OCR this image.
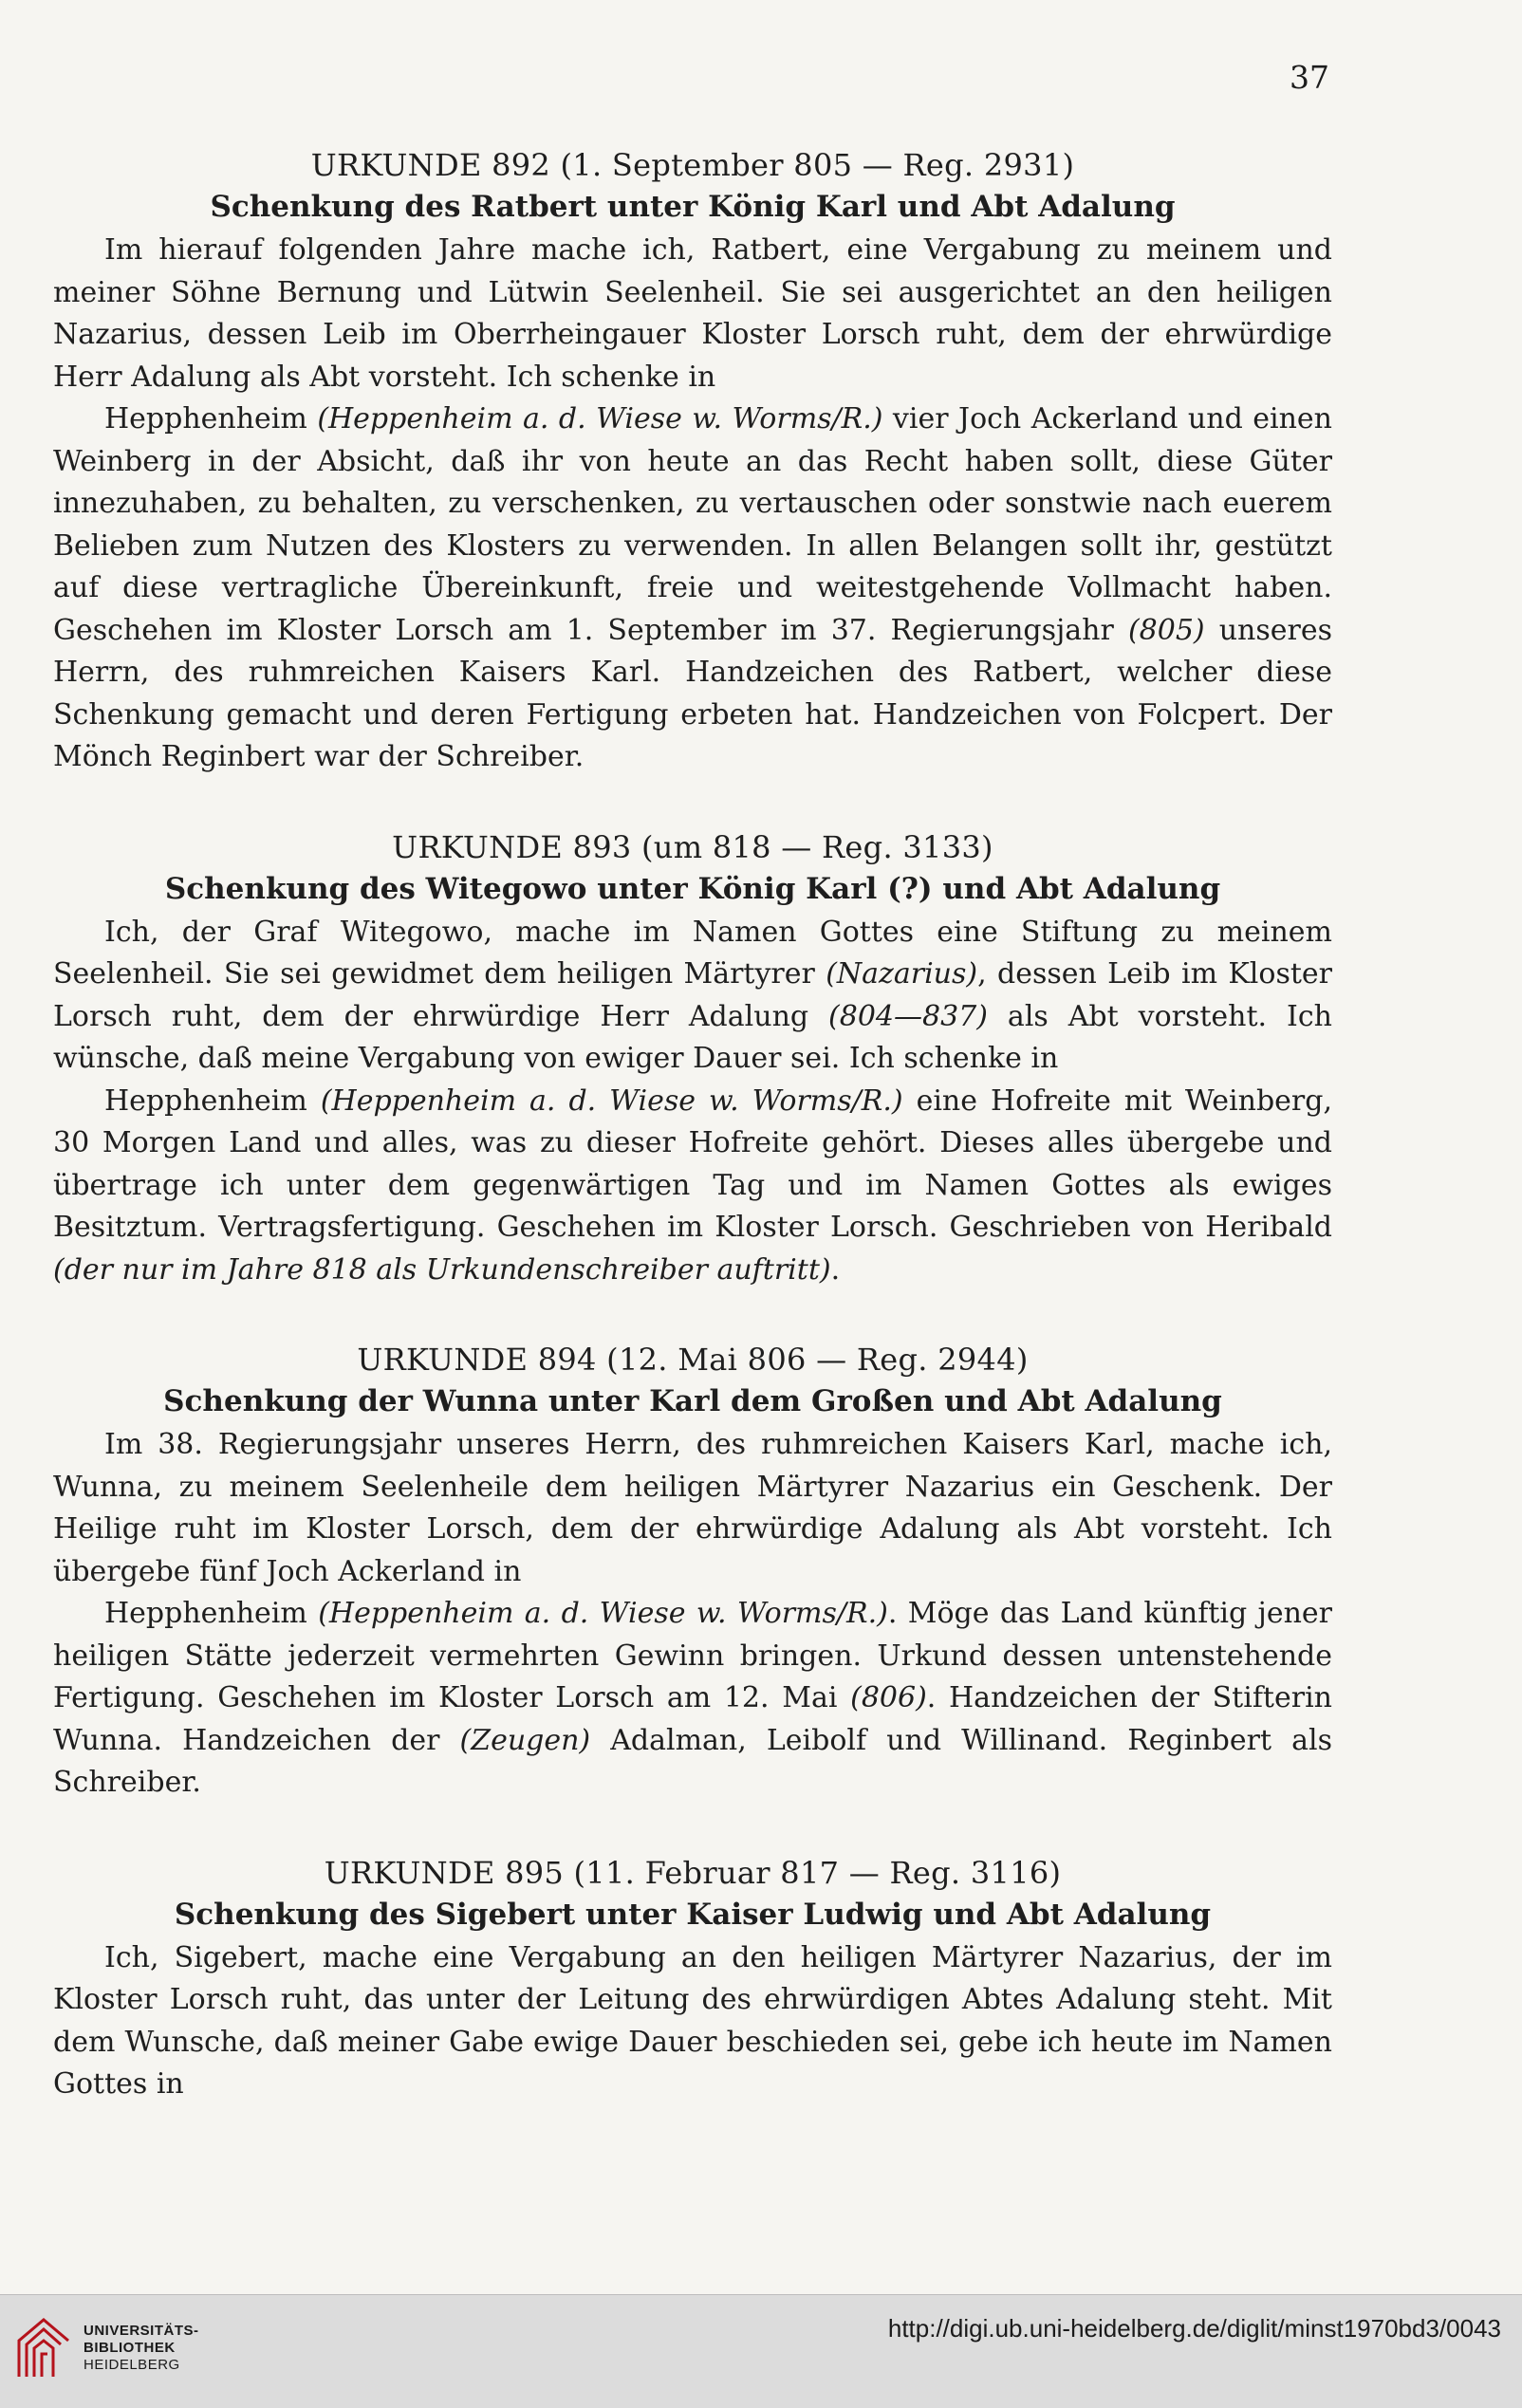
37

URKUNDE 892 (1. September 805 — Reg. 2931)
Schenkung des Ratbert unter König Karl und Abt Adalung

Im hierauf folgenden Jahre mache ich, Ratbert, eine Vergabung zu meinem und meiner Söhne Bernung und Lütwin Seelenheil. Sie sei ausgerichtet an den heiligen Nazarius, dessen Leib im Oberrheingauer Kloster Lorsch ruht, dem der ehrwürdige Herr Adalung als Abt vorsteht. Ich schenke in

Hepphenheim (Heppenheim a. d. Wiese w. Worms/R.) vier Joch Ackerland und einen Weinberg in der Absicht, daß ihr von heute an das Recht haben sollt, diese Güter innezuhaben, zu behalten, zu verschenken, zu vertauschen oder sonstwie nach euerem Belieben zum Nutzen des Klosters zu verwenden. In allen Belangen sollt ihr, gestützt auf diese vertragliche Übereinkunft, freie und weitestgehende Vollmacht haben. Geschehen im Kloster Lorsch am 1. September im 37. Regierungsjahr (805) unseres Herrn, des ruhmreichen Kaisers Karl. Handzeichen des Ratbert, welcher diese Schenkung gemacht und deren Fertigung erbeten hat. Handzeichen von Folcpert. Der Mönch Reginbert war der Schreiber.

URKUNDE 893 (um 818 — Reg. 3133)
Schenkung des Witegowo unter König Karl (?) und Abt Adalung

Ich, der Graf Witegowo, mache im Namen Gottes eine Stiftung zu meinem Seelenheil. Sie sei gewidmet dem heiligen Märtyrer (Nazarius), dessen Leib im Kloster Lorsch ruht, dem der ehrwürdige Herr Adalung (804—837) als Abt vorsteht. Ich wünsche, daß meine Vergabung von ewiger Dauer sei. Ich schenke in

Hepphenheim (Heppenheim a. d. Wiese w. Worms/R.) eine Hofreite mit Weinberg, 30 Morgen Land und alles, was zu dieser Hofreite gehört. Dieses alles übergebe und übertrage ich unter dem gegenwärtigen Tag und im Namen Gottes als ewiges Besitztum. Vertragsfertigung. Geschehen im Kloster Lorsch. Geschrieben von Heribald (der nur im Jahre 818 als Urkundenschreiber auftritt).

URKUNDE 894 (12. Mai 806 — Reg. 2944)
Schenkung der Wunna unter Karl dem Großen und Abt Adalung

Im 38. Regierungsjahr unseres Herrn, des ruhmreichen Kaisers Karl, mache ich, Wunna, zu meinem Seelenheile dem heiligen Märtyrer Nazarius ein Geschenk. Der Heilige ruht im Kloster Lorsch, dem der ehrwürdige Adalung als Abt vorsteht. Ich übergebe fünf Joch Ackerland in

Hepphenheim (Heppenheim a. d. Wiese w. Worms/R.). Möge das Land künftig jener heiligen Stätte jederzeit vermehrten Gewinn bringen. Urkund dessen untenstehende Fertigung. Geschehen im Kloster Lorsch am 12. Mai (806). Handzeichen der Stifterin Wunna. Handzeichen der (Zeugen) Adalman, Leibolf und Willinand. Reginbert als Schreiber.

URKUNDE 895 (11. Februar 817 — Reg. 3116)
Schenkung des Sigebert unter Kaiser Ludwig und Abt Adalung

Ich, Sigebert, mache eine Vergabung an den heiligen Märtyrer Nazarius, der im Kloster Lorsch ruht, das unter der Leitung des ehrwürdigen Abtes Adalung steht. Mit dem Wunsche, daß meiner Gabe ewige Dauer beschieden sei, gebe ich heute im Namen Gottes in

UNIVERSITÄTS-
BIBLIOTHEK
HEIDELBERG
http://digi.ub.uni-heidelberg.de/diglit/minst1970bd3/0043
